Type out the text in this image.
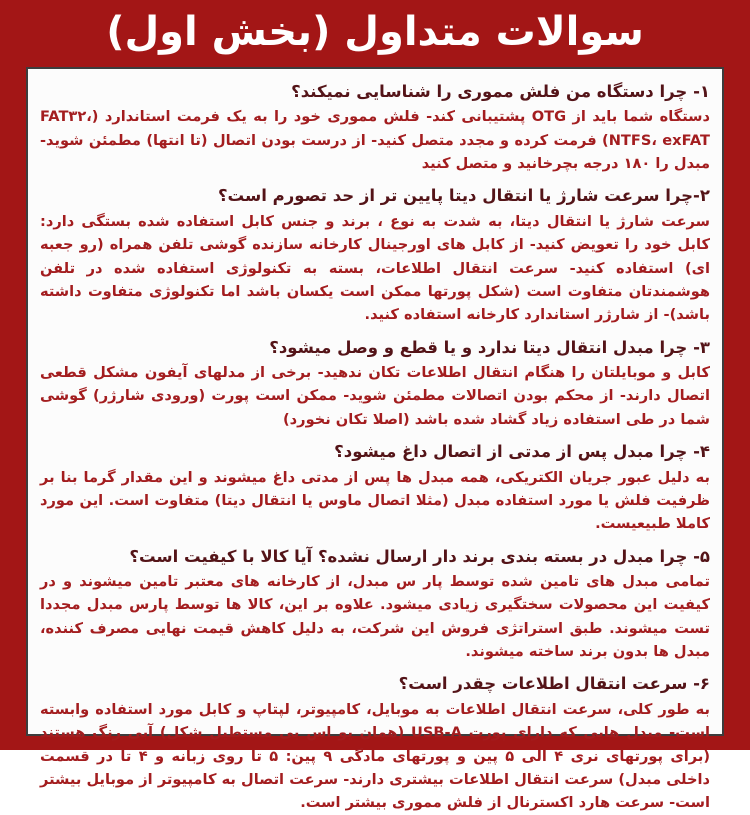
سوالات متداول (بخش اول)
۱- چرا دستگاه من فلش مموری را شناسایی نمیکند؟
دستگاه شما باید از OTG پشتیبانی کند- فلش مموری خود را به یک فرمت استاندارد (FAT۳۲، NTFS، exFAT) فرمت کرده و مجدد متصل کنید- از درست بودن اتصال (تا انتها) مطمئن شوید- مبدل را ۱۸۰ درجه بچرخانید و متصل کنید
۲-چرا سرعت شارژ یا انتقال دیتا پایین تر از حد تصورم است؟
سرعت شارژ یا انتقال دیتا، به شدت به نوع ، برند و جنس کابل استفاده شده بستگی دارد: کابل خود را تعویض کنید- از کابل های اورجینال کارخانه سازنده گوشی تلفن همراه (رو جعبه ای) استفاده کنید- سرعت انتقال اطلاعات، بسته به تکنولوژی استفاده شده در تلفن هوشمندتان متفاوت است (شکل پورتها ممکن است یکسان باشد اما تکنولوژی متفاوت داشته باشد)- از شارژر استاندارد کارخانه استفاده کنید.
۳- چرا مبدل انتقال دیتا ندارد و یا قطع و وصل میشود؟
کابل و موبایلتان را هنگام انتقال اطلاعات تکان ندهید- برخی از مدلهای آیفون مشکل قطعی اتصال دارند- از محکم بودن اتصالات مطمئن شوید- ممکن است پورت (ورودی شارژر) گوشی شما در طی استفاده زیاد گشاد شده باشد (اصلا تکان نخورد)
۴- چرا مبدل پس از مدتی از اتصال داغ میشود؟
به دلیل عبور جریان الکتریکی، همه مبدل ها پس از مدتی داغ میشوند و این مقدار گرما بنا بر ظرفیت فلش یا مورد استفاده مبدل (مثلا اتصال ماوس یا انتقال دیتا) متفاوت است. این مورد کاملا طبیعیست.
۵- چرا مبدل در بسته بندی برند دار ارسال نشده؟ آیا کالا با کیفیت است؟
تمامی مبدل های تامین شده توسط پار س مبدل، از کارخانه های معتبر تامین میشوند و در کیفیت این محصولات سختگیری زیادی میشود. علاوه بر این، کالا ها توسط پارس مبدل مجددا تست میشوند. طبق استراتژی فروش این شرکت، به دلیل کاهش قیمت نهایی مصرف کننده، مبدل ها بدون برند ساخته میشوند.
۶- سرعت انتقال اطلاعات چقدر است؟
به طور کلی، سرعت انتقال اطلاعات به موبایل، کامپیوتر، لپتاپ و کابل مورد استفاده وابسته است- مبدل هایی که دارای پورت USB-A (همان یو اس بی مستطیل شکل) آبی رنگ هستند (برای پورتهای نری ۴ الی ۵ پین و پورتهای مادگی ۹ پین: ۵ تا روی زبانه و ۴ تا در قسمت داخلی مبدل) سرعت انتقال اطلاعات بیشتری دارند- سرعت اتصال به کامپیوتر از موبایل بیشتر است- سرعت هارد اکسترنال از فلش مموری بیشتر است.
